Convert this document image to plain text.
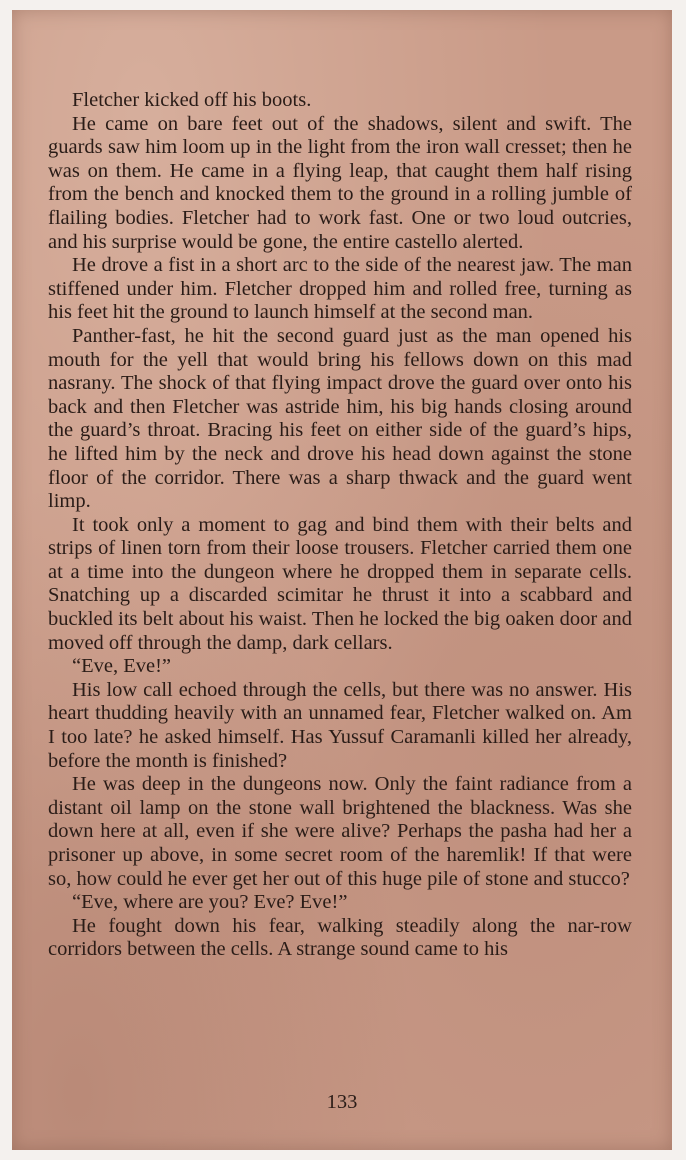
Fletcher kicked off his boots.

He came on bare feet out of the shadows, silent and swift. The guards saw him loom up in the light from the iron wall cresset; then he was on them. He came in a flying leap, that caught them half rising from the bench and knocked them to the ground in a rolling jumble of flailing bodies. Fletcher had to work fast. One or two loud outcries, and his surprise would be gone, the entire castello alerted.

He drove a fist in a short arc to the side of the nearest jaw. The man stiffened under him. Fletcher dropped him and rolled free, turning as his feet hit the ground to launch himself at the second man.

Panther-fast, he hit the second guard just as the man opened his mouth for the yell that would bring his fellows down on this mad nasrany. The shock of that flying impact drove the guard over onto his back and then Fletcher was astride him, his big hands closing around the guard’s throat. Bracing his feet on either side of the guard’s hips, he lifted him by the neck and drove his head down against the stone floor of the corridor. There was a sharp thwack and the guard went limp.

It took only a moment to gag and bind them with their belts and strips of linen torn from their loose trousers. Fletcher carried them one at a time into the dungeon where he dropped them in separate cells. Snatching up a discarded scimitar he thrust it into a scabbard and buckled its belt about his waist. Then he locked the big oaken door and moved off through the damp, dark cellars.

“Eve, Eve!”

His low call echoed through the cells, but there was no answer. His heart thudding heavily with an unnamed fear, Fletcher walked on. Am I too late? he asked himself. Has Yussuf Caramanli killed her already, before the month is finished?

He was deep in the dungeons now. Only the faint radiance from a distant oil lamp on the stone wall brightened the blackness. Was she down here at all, even if she were alive? Perhaps the pasha had her a prisoner up above, in some secret room of the haremlik! If that were so, how could he ever get her out of this huge pile of stone and stucco?

“Eve, where are you? Eve? Eve!”

He fought down his fear, walking steadily along the nar-row corridors between the cells. A strange sound came to his

133
